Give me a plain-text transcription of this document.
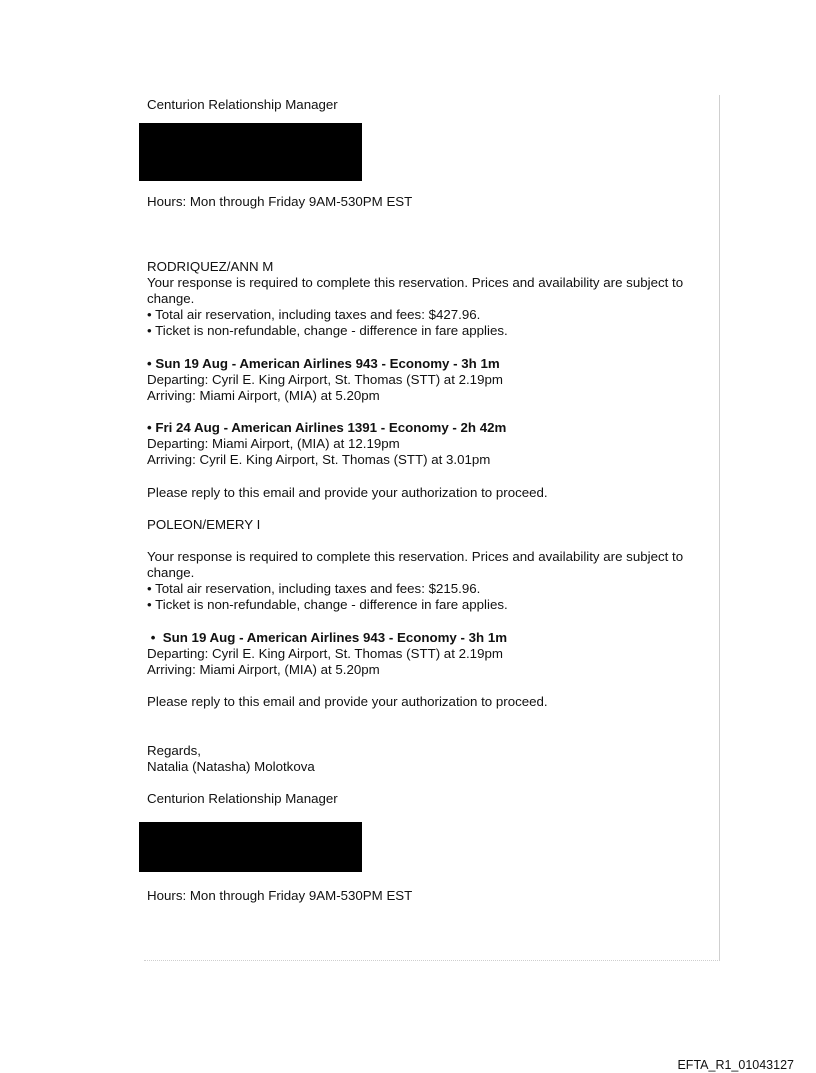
Centurion Relationship Manager
Hours: Mon through Friday 9AM-530PM EST
RODRIQUEZ/ANN M
Your response is required to complete this reservation. Prices and availability are subject to
change.
• Total air reservation, including taxes and fees: $427.96.
• Ticket is non-refundable, change - difference in fare applies.
• Sun 19 Aug - American Airlines 943 - Economy - 3h 1m
Departing: Cyril E. King Airport, St. Thomas (STT) at 2.19pm
Arriving: Miami Airport, (MIA) at 5.20pm
• Fri 24 Aug - American Airlines 1391 - Economy - 2h 42m
Departing: Miami Airport, (MIA) at 12.19pm
Arriving: Cyril E. King Airport, St. Thomas (STT) at 3.01pm
Please reply to this email and provide your authorization to proceed.
POLEON/EMERY I
Your response is required to complete this reservation. Prices and availability are subject to
change.
• Total air reservation, including taxes and fees: $215.96.
• Ticket is non-refundable, change - difference in fare applies.
•  Sun 19 Aug - American Airlines 943 - Economy - 3h 1m
Departing: Cyril E. King Airport, St. Thomas (STT) at 2.19pm
Arriving: Miami Airport, (MIA) at 5.20pm
Please reply to this email and provide your authorization to proceed.
Regards,
Natalia (Natasha) Molotkova
Centurion Relationship Manager
Hours: Mon through Friday 9AM-530PM EST
EFTA_R1_01043127
